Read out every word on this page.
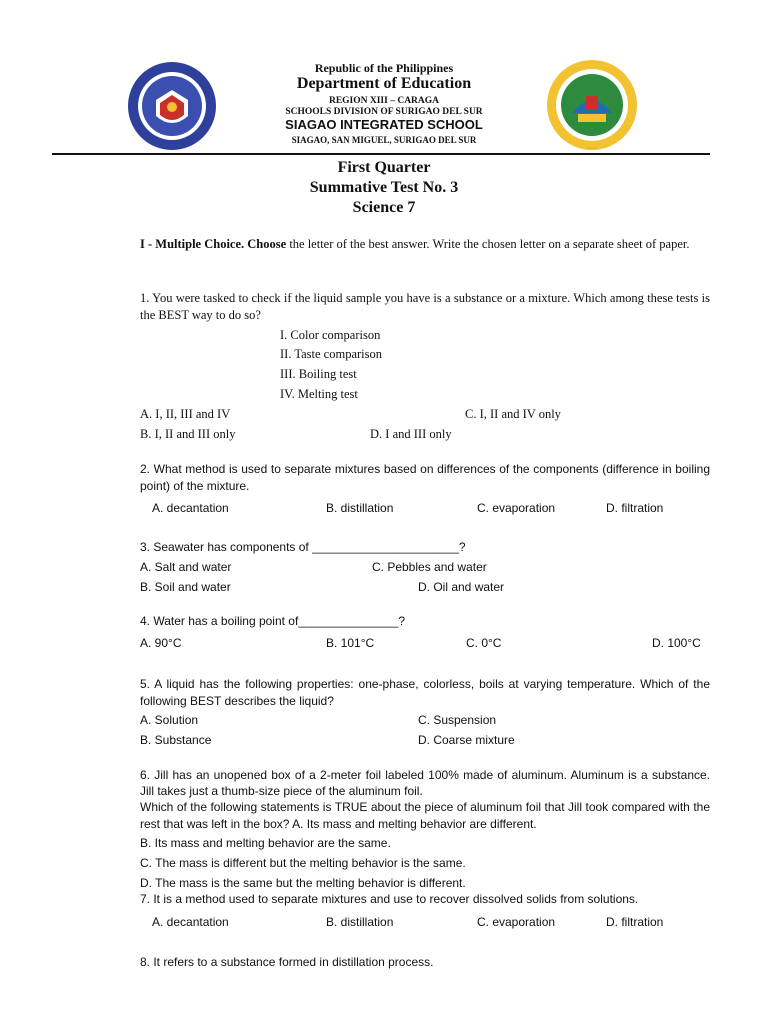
Republic of the Philippines
Department of Education
REGION XIII – CARAGA
SCHOOLS DIVISION OF SURIGAO DEL SUR
SIAGAO INTEGRATED SCHOOL
SIAGAO, SAN MIGUEL, SURIGAO DEL SUR
First Quarter
Summative Test No. 3
Science 7
I - Multiple Choice. Choose the letter of the best answer. Write the chosen letter on a separate sheet of paper.
1. You were tasked to check if the liquid sample you have is a substance or a mixture. Which among these tests is the BEST way to do so?
I. Color comparison
II. Taste comparison
III. Boiling test
IV. Melting test
A. I, II, III and IV	C. I, II and IV only
B. I, II and III only	D. I and III only
2. What method is used to separate mixtures based on differences of the components (difference in boiling point) of the mixture.
A. decantation	B. distillation	C. evaporation	D. filtration
3. Seawater has components of ______________________?
A. Salt and water	C. Pebbles and water
B. Soil and water	D. Oil and water
4. Water has a boiling point of_______________?
A. 90°C	B. 101°C	C. 0°C	D. 100°C
5. A liquid has the following properties: one-phase, colorless, boils at varying temperature. Which of the following BEST describes the liquid?
A. Solution	C. Suspension
B. Substance	D. Coarse mixture
6. Jill has an unopened box of a 2-meter foil labeled 100% made of aluminum. Aluminum is a substance. Jill takes just a thumb-size piece of the aluminum foil.
Which of the following statements is TRUE about the piece of aluminum foil that Jill took compared with the rest that was left in the box? A. Its mass and melting behavior are different.
B. Its mass and melting behavior are the same.
C. The mass is different but the melting behavior is the same.
D. The mass is the same but the melting behavior is different.
7. It is a method used to separate mixtures and use to recover dissolved solids from solutions.
A. decantation	B. distillation	C. evaporation	D. filtration
8. It refers to a substance formed in distillation process.
